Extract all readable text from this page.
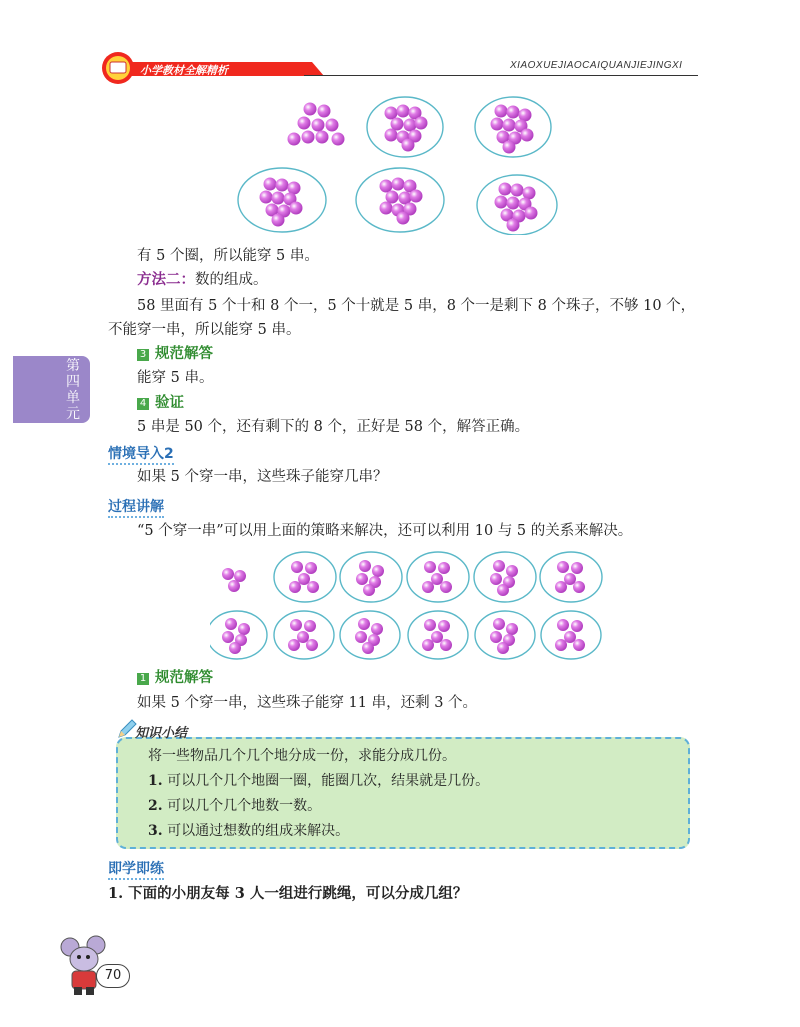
小学教材全解精析	XIAOXUEJIAOCAIQUANJIEJINGXI
第四单元
有 5 个圈，所以能穿 5 串。
方法二：数的组成。
58 里面有 5 个十和 8 个一，5 个十就是 5 串，8 个一是剩下 8 个珠子，不够 10 个，
不能穿一串，所以能穿 5 串。
3 规范解答
能穿 5 串。
4 验证
5 串是 50 个，还有剩下的 8 个，正好是 58 个，解答正确。
情境导入2
如果 5 个穿一串，这些珠子能穿几串？
过程讲解
“5 个穿一串”可以用上面的策略来解决，还可以利用 10 与 5 的关系来解决。
1 规范解答
如果 5 个穿一串，这些珠子能穿 11 串，还剩 3 个。
知识小结
将一些物品几个几个地分成一份，求能分成几份。
1. 可以几个几个地圈一圈，能圈几次，结果就是几份。
2. 可以几个几个地数一数。
3. 可以通过想数的组成来解决。
即学即练
1. 下面的小朋友每 3 人一组进行跳绳，可以分成几组？
70
